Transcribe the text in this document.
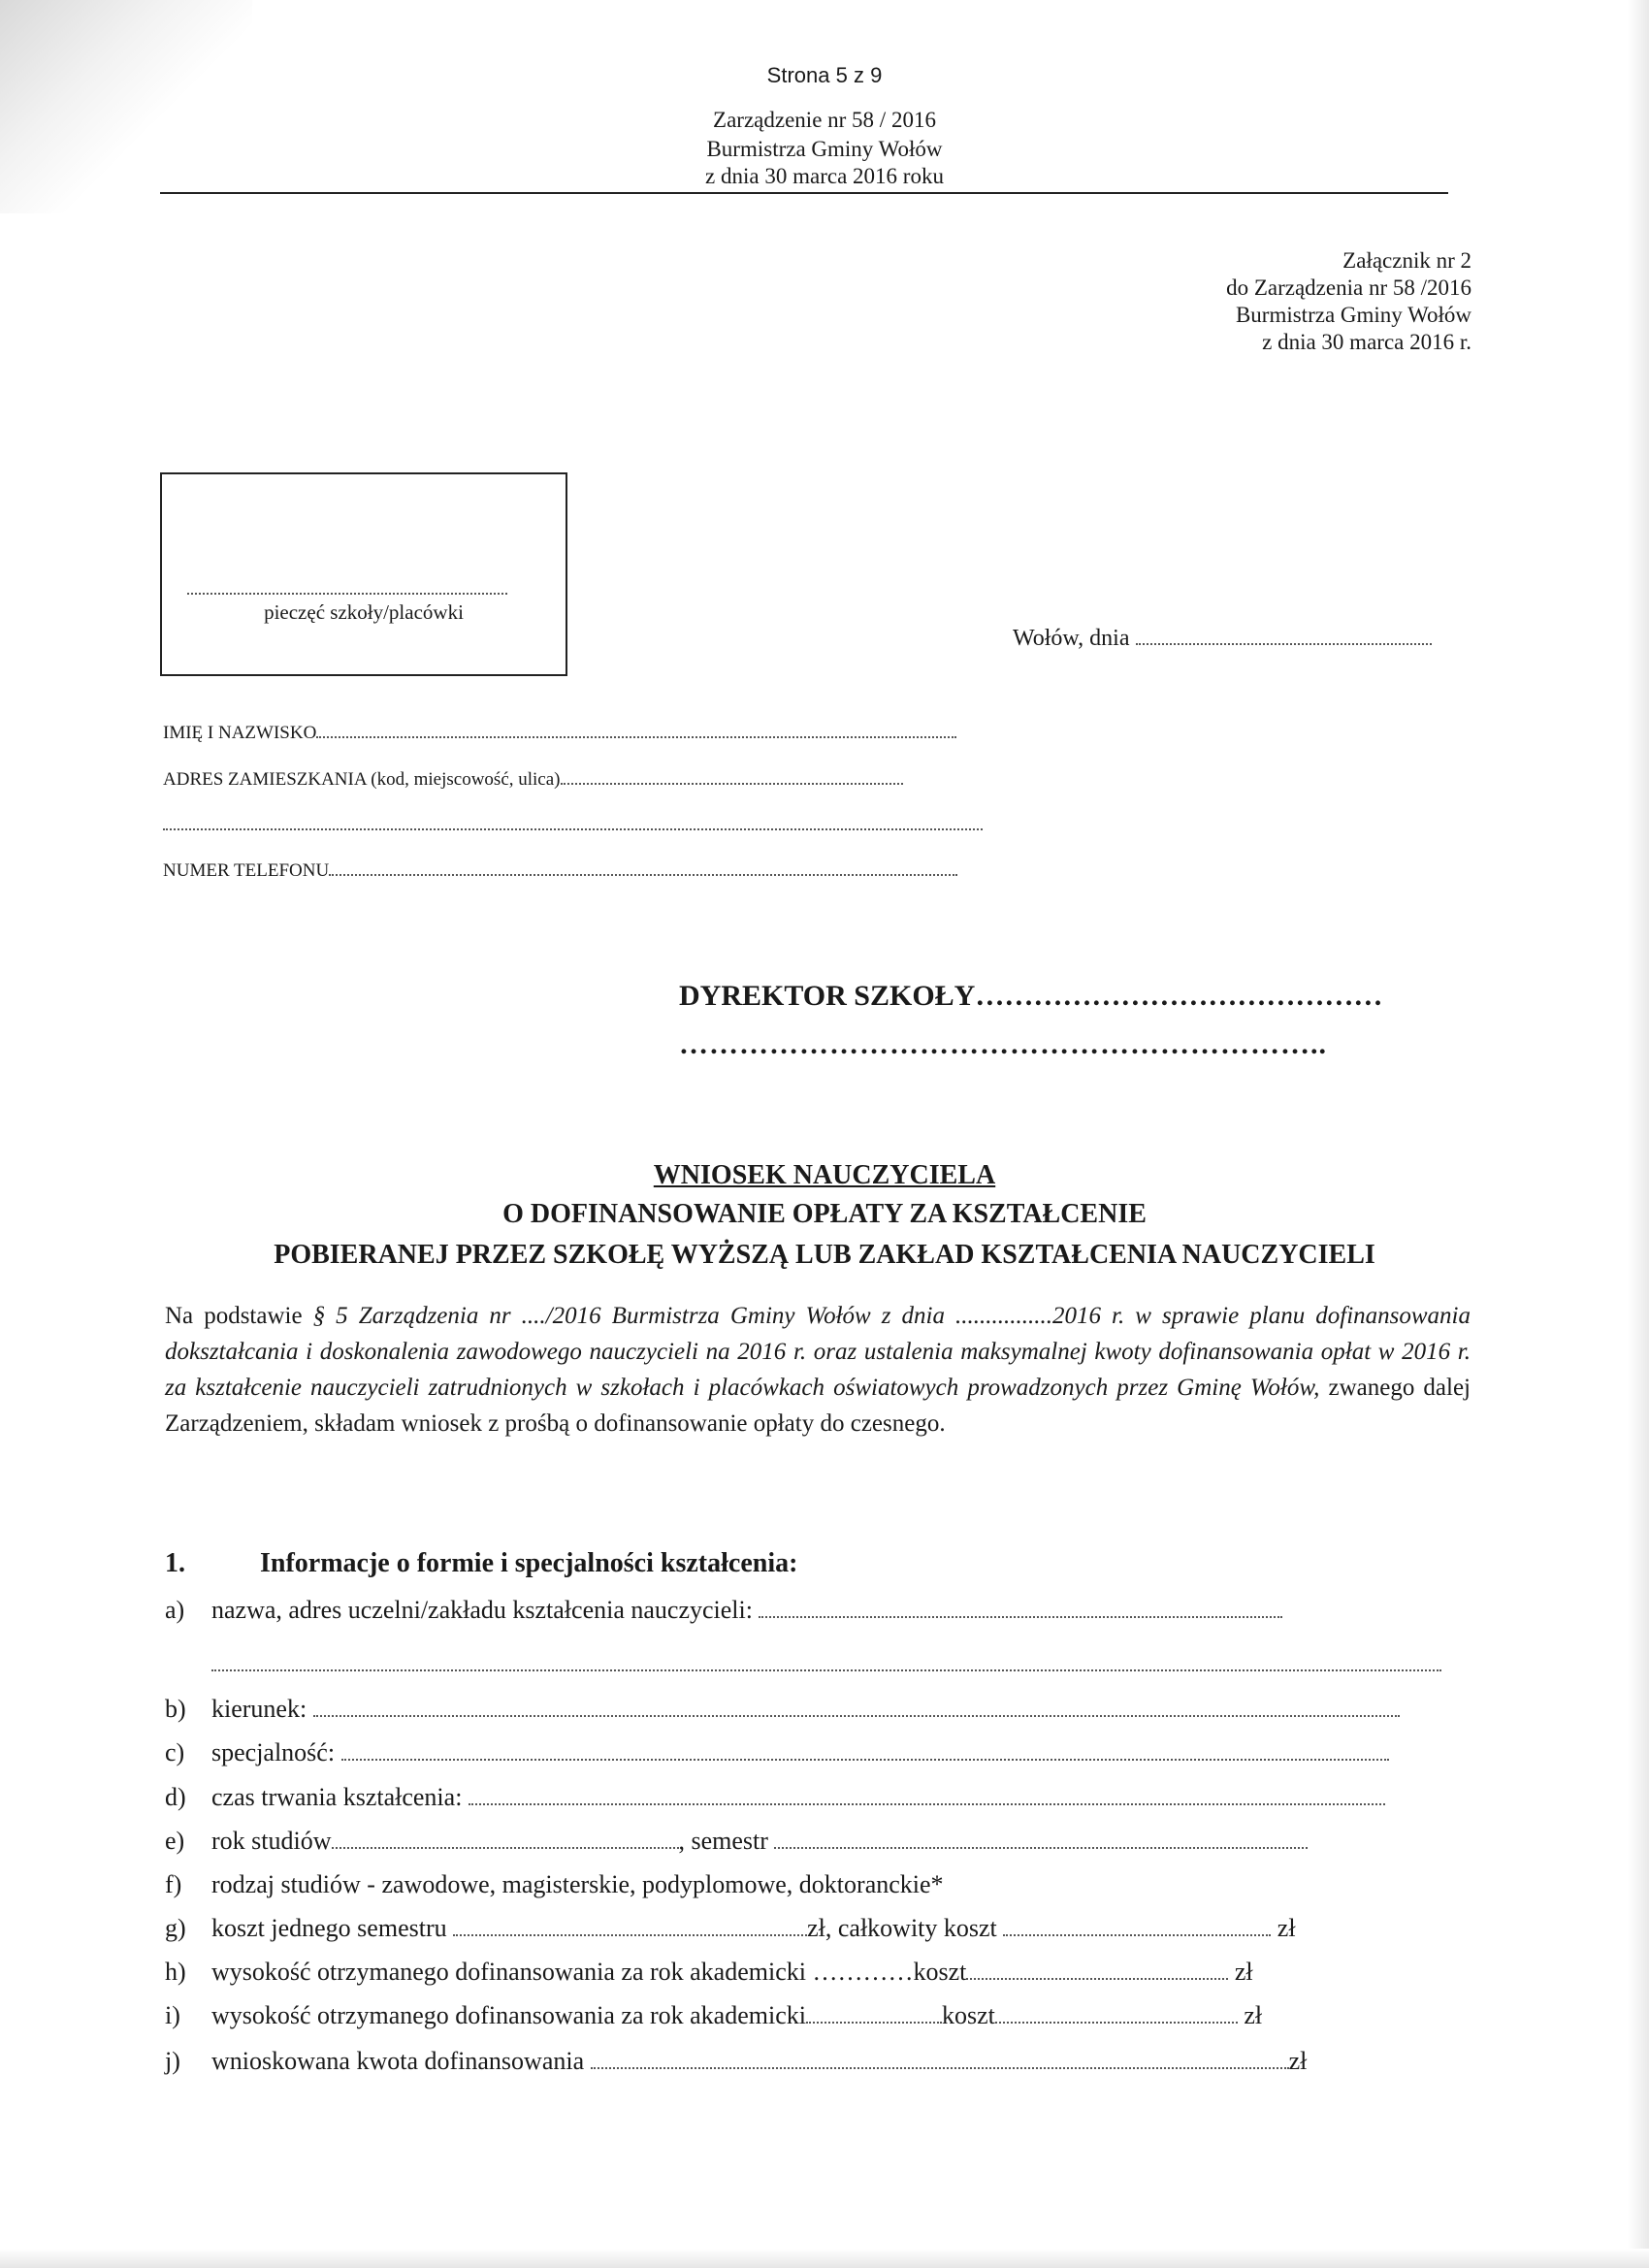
Strona 5 z 9
Zarządzenie nr 58 / 2016
Burmistrza Gminy Wołów
z dnia 30 marca 2016 roku
Załącznik nr 2
do Zarządzenia nr 58 /2016
Burmistrza Gminy Wołów
z dnia 30 marca 2016 r.
pieczęć szkoły/placówki
Wołów, dnia
IMIĘ I NAZWISKO
ADRES ZAMIESZKANIA (kod, miejscowość, ulica)
NUMER TELEFONU
DYREKTOR SZKOŁY……………………………………
………………………………………………………..
WNIOSEK NAUCZYCIELA
O DOFINANSOWANIE OPŁATY ZA KSZTAŁCENIE
POBIERANEJ PRZEZ SZKOŁĘ WYŻSZĄ LUB ZAKŁAD KSZTAŁCENIA NAUCZYCIELI
Na podstawie § 5 Zarządzenia nr ..../2016 Burmistrza Gminy Wołów z dnia ................2016 r. w sprawie planu dofinansowania dokształcania i doskonalenia zawodowego nauczycieli na 2016 r. oraz ustalenia maksymalnej kwoty dofinansowania opłat w 2016 r. za kształcenie nauczycieli zatrudnionych w szkołach i placówkach oświatowych prowadzonych przez Gminę Wołów, zwanego dalej Zarządzeniem, składam wniosek z prośbą o dofinansowanie opłaty do czesnego.
1.	Informacje o formie i specjalności kształcenia:
a) nazwa, adres uczelni/zakładu kształcenia nauczycieli:
b) kierunek:
c) specjalność:
d) czas trwania kształcenia:
e) rok studiów	, semestr
f) rodzaj studiów - zawodowe, magisterskie, podyplomowe, doktoranckie*
g) koszt jednego semestru	zł, całkowity koszt	zł
h) wysokość otrzymanego dofinansowania za rok akademicki …………koszt	zł
i) wysokość otrzymanego dofinansowania za rok akademicki	koszt	zł
j) wnioskowana kwota dofinansowania	zł
